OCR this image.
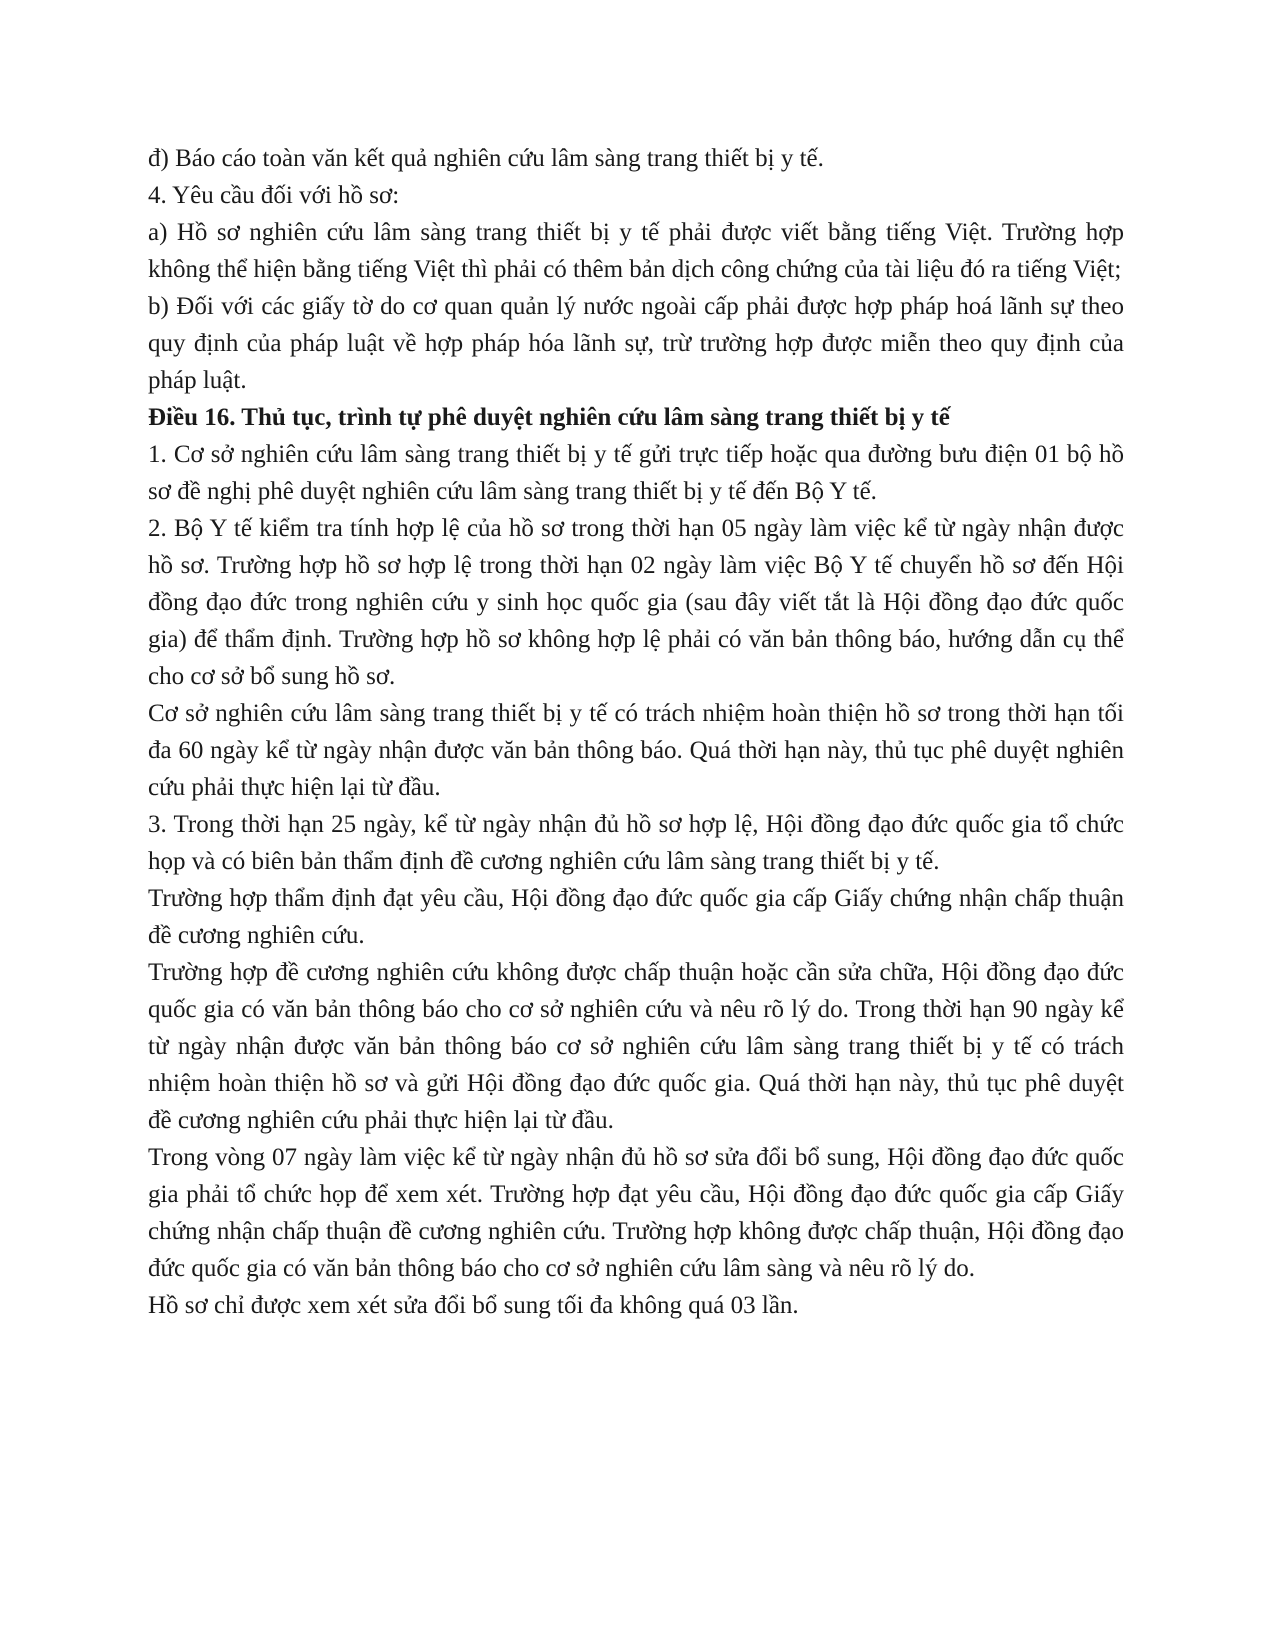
đ) Báo cáo toàn văn kết quả nghiên cứu lâm sàng trang thiết bị y tế.

4. Yêu cầu đối với hồ sơ:

a) Hồ sơ nghiên cứu lâm sàng trang thiết bị y tế phải được viết bằng tiếng Việt. Trường hợp không thể hiện bằng tiếng Việt thì phải có thêm bản dịch công chứng của tài liệu đó ra tiếng Việt;

b) Đối với các giấy tờ do cơ quan quản lý nước ngoài cấp phải được hợp pháp hoá lãnh sự theo quy định của pháp luật về hợp pháp hóa lãnh sự, trừ trường hợp được miễn theo quy định của pháp luật.

Điều 16. Thủ tục, trình tự phê duyệt nghiên cứu lâm sàng trang thiết bị y tế

1. Cơ sở nghiên cứu lâm sàng trang thiết bị y tế gửi trực tiếp hoặc qua đường bưu điện 01 bộ hồ sơ đề nghị phê duyệt nghiên cứu lâm sàng trang thiết bị y tế đến Bộ Y tế.

2. Bộ Y tế kiểm tra tính hợp lệ của hồ sơ trong thời hạn 05 ngày làm việc kể từ ngày nhận được hồ sơ. Trường hợp hồ sơ hợp lệ trong thời hạn 02 ngày làm việc Bộ Y tế chuyển hồ sơ đến Hội đồng đạo đức trong nghiên cứu y sinh học quốc gia (sau đây viết tắt là Hội đồng đạo đức quốc gia) để thẩm định. Trường hợp hồ sơ không hợp lệ phải có văn bản thông báo, hướng dẫn cụ thể cho cơ sở bổ sung hồ sơ.

Cơ sở nghiên cứu lâm sàng trang thiết bị y tế có trách nhiệm hoàn thiện hồ sơ trong thời hạn tối đa 60 ngày kể từ ngày nhận được văn bản thông báo. Quá thời hạn này, thủ tục phê duyệt nghiên cứu phải thực hiện lại từ đầu.

3. Trong thời hạn 25 ngày, kể từ ngày nhận đủ hồ sơ hợp lệ, Hội đồng đạo đức quốc gia tổ chức họp và có biên bản thẩm định đề cương nghiên cứu lâm sàng trang thiết bị y tế.

Trường hợp thẩm định đạt yêu cầu, Hội đồng đạo đức quốc gia cấp Giấy chứng nhận chấp thuận đề cương nghiên cứu.

Trường hợp đề cương nghiên cứu không được chấp thuận hoặc cần sửa chữa, Hội đồng đạo đức quốc gia có văn bản thông báo cho cơ sở nghiên cứu và nêu rõ lý do. Trong thời hạn 90 ngày kể từ ngày nhận được văn bản thông báo cơ sở nghiên cứu lâm sàng trang thiết bị y tế có trách nhiệm hoàn thiện hồ sơ và gửi Hội đồng đạo đức quốc gia. Quá thời hạn này, thủ tục phê duyệt đề cương nghiên cứu phải thực hiện lại từ đầu.

Trong vòng 07 ngày làm việc kể từ ngày nhận đủ hồ sơ sửa đổi bổ sung, Hội đồng đạo đức quốc gia phải tổ chức họp để xem xét. Trường hợp đạt yêu cầu, Hội đồng đạo đức quốc gia cấp Giấy chứng nhận chấp thuận đề cương nghiên cứu. Trường hợp không được chấp thuận, Hội đồng đạo đức quốc gia có văn bản thông báo cho cơ sở nghiên cứu lâm sàng và nêu rõ lý do.

Hồ sơ chỉ được xem xét sửa đổi bổ sung tối đa không quá 03 lần.
